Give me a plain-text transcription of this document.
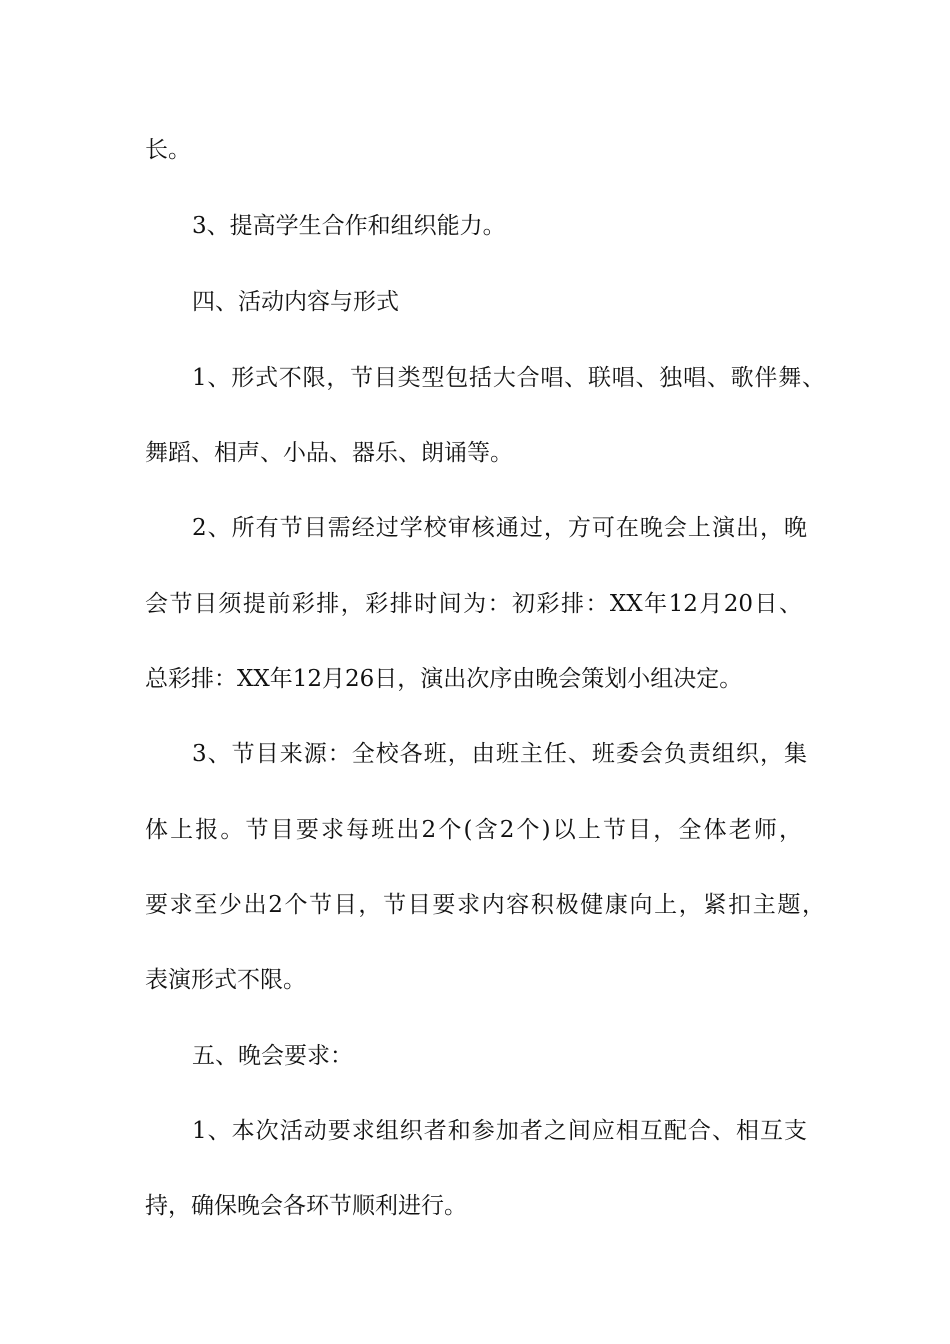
长。
3、提高学生合作和组织能力。
四、活动内容与形式
1、形式不限，节目类型包括大合唱、联唱、独唱、歌伴舞、
舞蹈、相声、小品、器乐、朗诵等。
2、所有节目需经过学校审核通过，方可在晚会上演出，晚
会节目须提前彩排，彩排时间为：初彩排：XX年12月20日、
总彩排：XX年12月26日，演出次序由晚会策划小组决定。
3、节目来源：全校各班，由班主任、班委会负责组织，集
体上报。节目要求每班出2个(含2个)以上节目，全体老师，
要求至少出2个节目，节目要求内容积极健康向上，紧扣主题，
表演形式不限。
五、晚会要求：
1、本次活动要求组织者和参加者之间应相互配合、相互支
持，确保晚会各环节顺利进行。
